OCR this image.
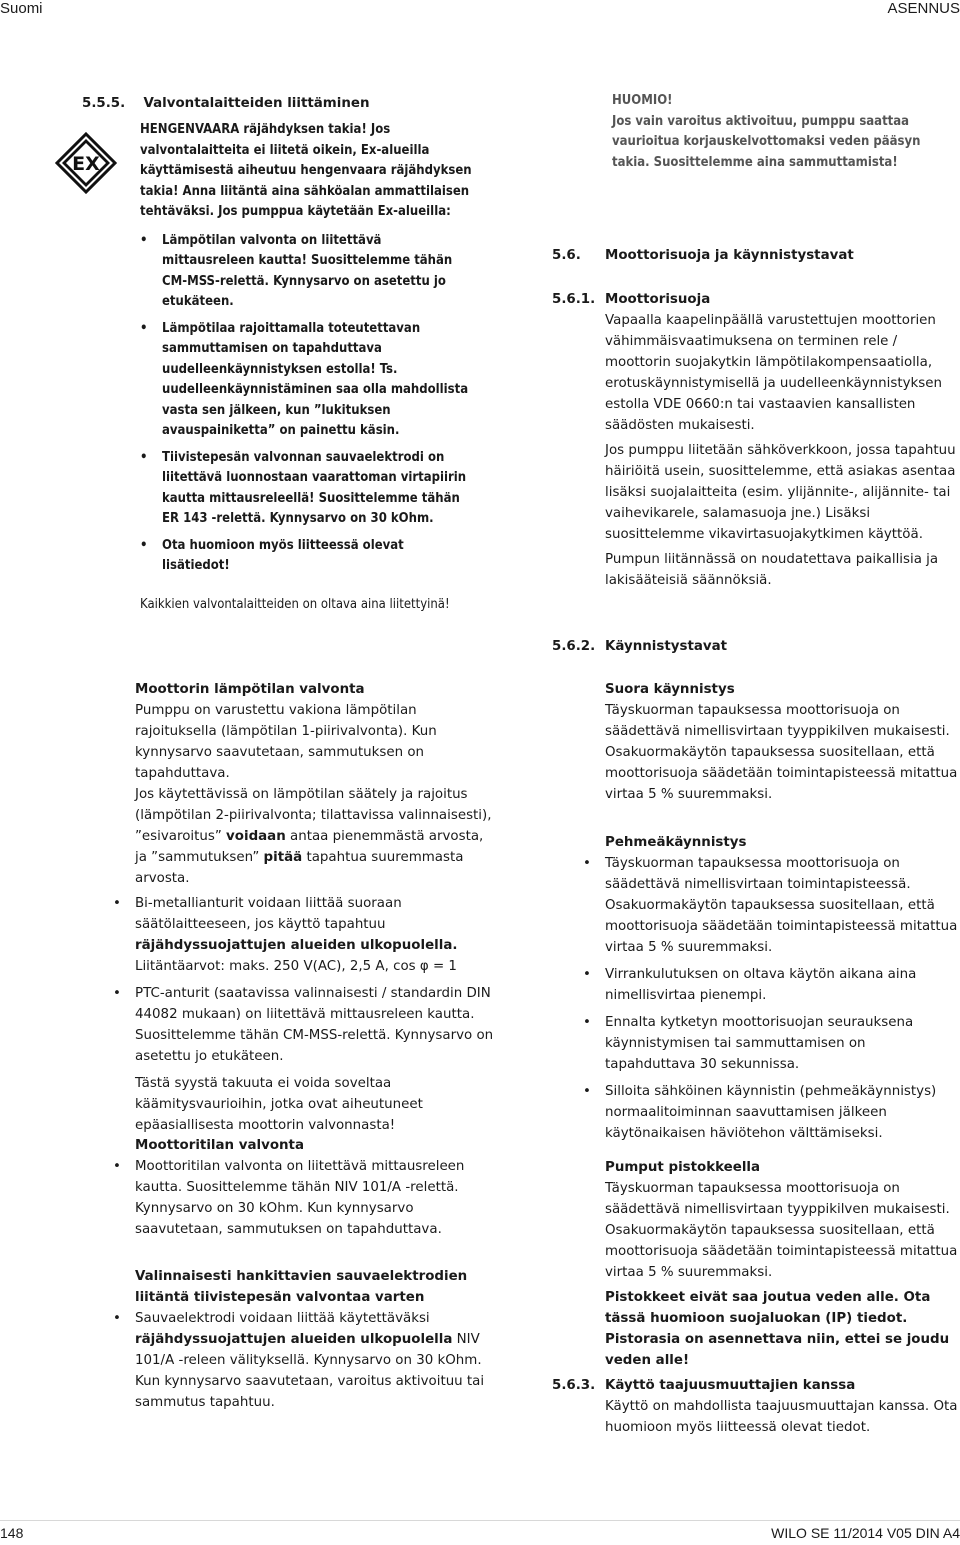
Suomi	ASENNUS
5.5.5. Valvontalaitteiden liittäminen
EX

HENGENVAARA räjähdyksen takia! Jos valvontalaitteita ei liitetä oikein, Ex-alueilla käyttämisestä aiheutuu hengenvaara räjähdyksen takia! Anna liitäntä aina sähköalan ammattilaisen tehtäväksi. Jos pumppua käytetään Ex-alueilla:

• Lämpötilan valvonta on liitettävä mittausreleen kautta! Suosittelemme tähän CM-MSS-relettä. Kynnysarvo on asetettu jo etukäteen.
• Lämpötilaa rajoittamalla toteutettavan sammuttamisen on tapahduttava uudelleenkäynnistyksen estolla! Ts. uudelleenkäynnistäminen saa olla mahdollista vasta sen jälkeen, kun ”lukituksen avauspainiketta” on painettu käsin.
• Tiivistepesän valvonnan sauvaelektrodi on liitettävä luonnostaan vaarattoman virtapiirin kautta mittausreleellä! Suosittelemme tähän ER 143 -relettä. Kynnysarvo on 30 kOhm.
• Ota huomioon myös liitteessä olevat lisätiedot!

Kaikkien valvontalaitteiden on oltava aina liitettyinä!

Moottorin lämpötilan valvonta

Pumppu on varustettu vakiona lämpötilan rajoituksella (lämpötilan 1-piirivalvonta). Kun kynnysarvo saavutetaan, sammutuksen on tapahduttava.

Jos käytettävissä on lämpötilan säätely ja rajoitus (lämpötilan 2-piirivalvonta; tilattavissa valinnaisesti), ”esivaroitus” voidaan antaa pienemmästä arvosta, ja ”sammutuksen” pitää tapahtua suuremmasta arvosta.

• Bi-metallianturit voidaan liittää suoraan säätölaitteeseen, jos käyttö tapahtuu räjähdyssuojattujen alueiden ulkopuolella.
Liitäntäarvot: maks. 250 V(AC), 2,5 A, cos φ = 1
• PTC-anturit (saatavissa valinnaisesti / standardin DIN 44082 mukaan) on liitettävä mittausreleen kautta. Suosittelemme tähän CM-MSS-relettä. Kynnysarvo on asetettu jo etukäteen.

Tästä syystä takuuta ei voida soveltaa käämitysvaurioihin, jotka ovat aiheutuneet epäasiallisesta moottorin valvonnasta!

Moottoritilan valvonta

• Moottoritilan valvonta on liitettävä mittausreleen kautta. Suosittelemme tähän NIV 101/A -relettä. Kynnysarvo on 30 kOhm. Kun kynnysarvo saavutetaan, sammutuksen on tapahduttava.

Valinnaisesti hankittavien sauvaelektrodien liitäntä tiivistepesän valvontaa varten

• Sauvaelektrodi voidaan liittää käytettäväksi räjähdyssuojattujen alueiden ulkopuolella NIV 101/A -releen välityksellä. Kynnysarvo on 30 kOhm. Kun kynnysarvo saavutetaan, varoitus aktivoituu tai sammutus tapahtuu.

HUOMIO!

Jos vain varoitus aktivoituu, pumppu saattaa vaurioitua korjauskelvottomaksi veden pääsyn takia. Suosittelemme aina sammuttamista!

5.6. Moottorisuoja ja käynnistystavat
5.6.1. Moottorisuoja

Vapaalla kaapelinpäällä varustettujen moottorien vähimmäisvaatimuksena on terminen rele / moottorin suojakytkin lämpötilakompensaatiolla, erotuskäynnistymisellä ja uudelleenkäynnistyksen estolla VDE 0660:n tai vastaavien kansallisten säädösten mukaisesti.

Jos pumppu liitetään sähköverkkoon, jossa tapahtuu häiriöitä usein, suosittelemme, että asiakas asentaa lisäksi suojalaitteita (esim. ylijännite-, alijännite- tai vaihevikarele, salamasuoja jne.) Lisäksi suosittelemme vikavirtasuojakytkimen käyttöä.

Pumpun liitännässä on noudatettava paikallisia ja lakisääteisiä säännöksiä.

5.6.2. Käynnistystavat

Suora käynnistys

Täyskuorman tapauksessa moottorisuoja on säädettävä nimellisvirtaan tyyppikilven mukaisesti. Osakuormakäytön tapauksessa suositellaan, että moottorisuoja säädetään toimintapisteessä mitattua virtaa 5 % suuremmaksi.

Pehmeäkäynnistys

• Täyskuorman tapauksessa moottorisuoja on säädettävä nimellisvirtaan toimintapisteessä. Osakuormakäytön tapauksessa suositellaan, että moottorisuoja säädetään toimintapisteessä mitattua virtaa 5 % suuremmaksi.
• Virrankulutuksen on oltava käytön aikana aina nimellisvirtaa pienempi.
• Ennalta kytketyn moottorisuojan seurauksena käynnistymisen tai sammuttamisen on tapahduttava 30 sekunnissa.
• Silloita sähköinen käynnistin (pehmeäkäynnistys) normaalitoiminnan saavuttamisen jälkeen käytönaikaisen häviötehon välttämiseksi.

Pumput pistokkeella

Täyskuorman tapauksessa moottorisuoja on säädettävä nimellisvirtaan tyyppikilven mukaisesti. Osakuormakäytön tapauksessa suositellaan, että moottorisuoja säädetään toimintapisteessä mitattua virtaa 5 % suuremmaksi.

Pistokkeet eivät saa joutua veden alle. Ota tässä huomioon suojaluokan (IP) tiedot. Pistorasia on asennettava niin, ettei se joudu veden alle!

5.6.3. Käyttö taajuusmuuttajien kanssa
Käyttö on mahdollista taajuusmuuttajan kanssa. Ota huomioon myös liitteessä olevat tiedot.
148	WILO SE 11/2014 V05 DIN A4
